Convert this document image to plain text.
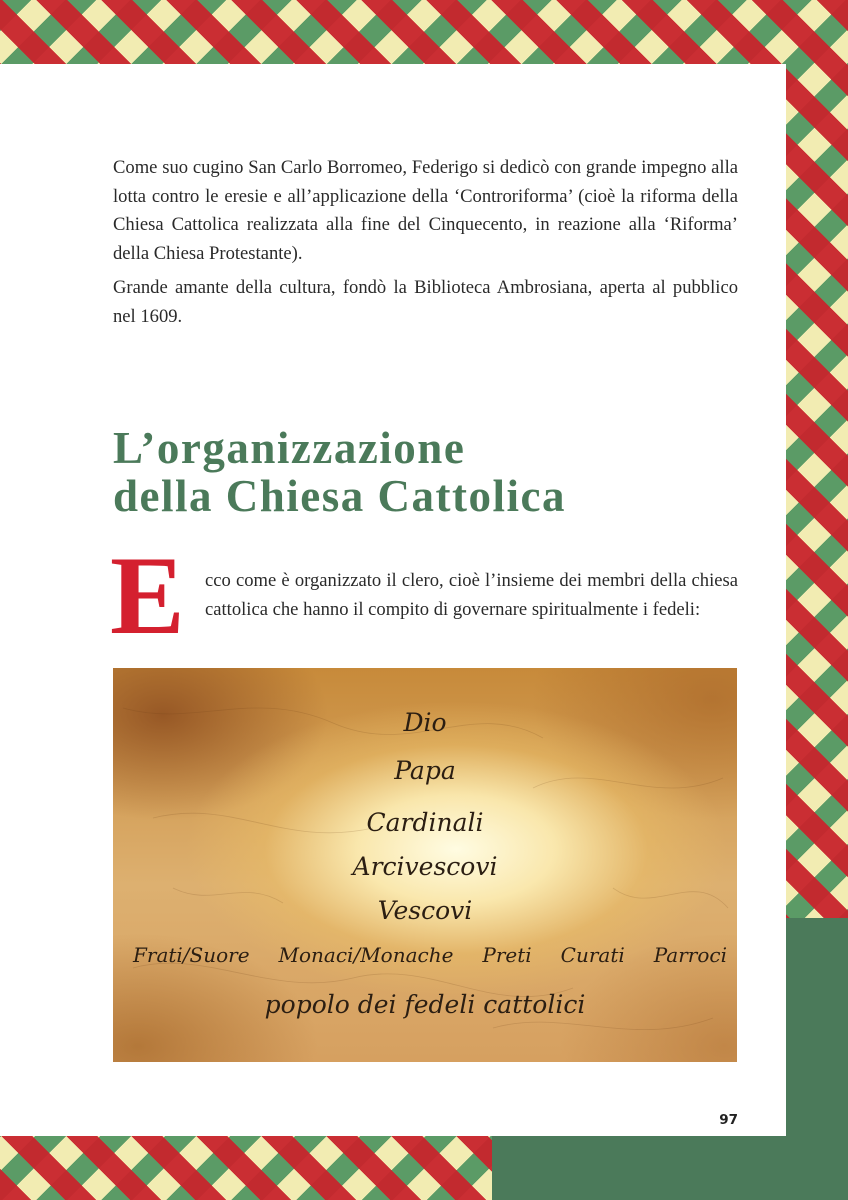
Come suo cugino San Carlo Borromeo, Federigo si dedicò con grande impegno alla lotta contro le eresie e all’applicazione della ‘Controriforma’ (cioè la riforma della Chiesa Cattolica realizzata alla fine del Cinquecento, in reazione alla ‘Riforma’ della Chiesa Protestante).

Grande amante della cultura, fondò la Biblioteca Ambrosiana, aperta al pubblico nel 1609.

L’organizzazione
della Chiesa Cattolica
E cco come è organizzato il clero, cioè l’insieme dei membri della chiesa cattolica che hanno il compito di governare spiritualmente i fedeli:
Dio
Papa
Cardinali
Arcivescovi
Vescovi
Frati/Suore Monaci/Monache Preti Curati Parroci
popolo dei fedeli cattolici
97
